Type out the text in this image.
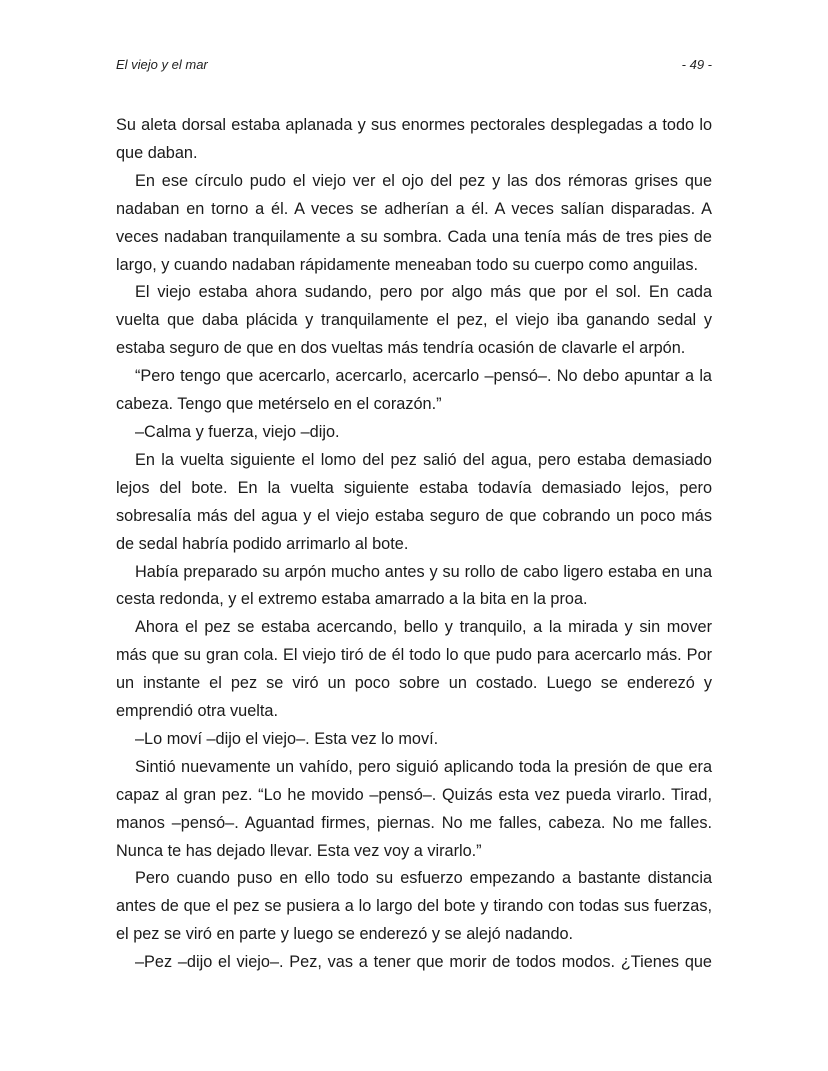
El viejo y el mar	- 49 -

Su aleta dorsal estaba aplanada y sus enormes pectorales desplegadas a todo lo que daban.

En ese círculo pudo el viejo ver el ojo del pez y las dos rémoras grises que nadaban en torno a él. A veces se adherían a él. A veces salían disparadas. A veces nadaban tranquilamente a su sombra. Cada una tenía más de tres pies de largo, y cuando nadaban rápidamente meneaban todo su cuerpo como anguilas.

El viejo estaba ahora sudando, pero por algo más que por el sol. En cada vuelta que daba plácida y tranquilamente el pez, el viejo iba ganando sedal y estaba seguro de que en dos vueltas más tendría ocasión de clavarle el arpón.

“Pero tengo que acercarlo, acercarlo, acercarlo –pensó–. No debo apuntar a la cabeza. Tengo que metérselo en el corazón.”

–Calma y fuerza, viejo –dijo.

En la vuelta siguiente el lomo del pez salió del agua, pero estaba demasiado lejos del bote. En la vuelta siguiente estaba todavía demasiado lejos, pero sobresalía más del agua y el viejo estaba seguro de que cobrando un poco más de sedal habría podido arrimarlo al bote.

Había preparado su arpón mucho antes y su rollo de cabo ligero estaba en una cesta redonda, y el extremo estaba amarrado a la bita en la proa.

Ahora el pez se estaba acercando, bello y tranquilo, a la mirada y sin mover más que su gran cola. El viejo tiró de él todo lo que pudo para acercarlo más. Por un instante el pez se viró un poco sobre un costado. Luego se enderezó y emprendió otra vuelta.

–Lo moví –dijo el viejo–. Esta vez lo moví.

Sintió nuevamente un vahído, pero siguió aplicando toda la presión de que era capaz al gran pez. “Lo he movido –pensó–. Quizás esta vez pueda virarlo. Tirad, manos –pensó–. Aguantad firmes, piernas. No me falles, cabeza. No me falles. Nunca te has dejado llevar. Esta vez voy a virarlo.”

Pero cuando puso en ello todo su esfuerzo empezando a bastante distancia antes de que el pez se pusiera a lo largo del bote y tirando con todas sus fuerzas, el pez se viró en parte y luego se enderezó y se alejó nadando.

–Pez –dijo el viejo–. Pez, vas a tener que morir de todos modos. ¿Tienes que
